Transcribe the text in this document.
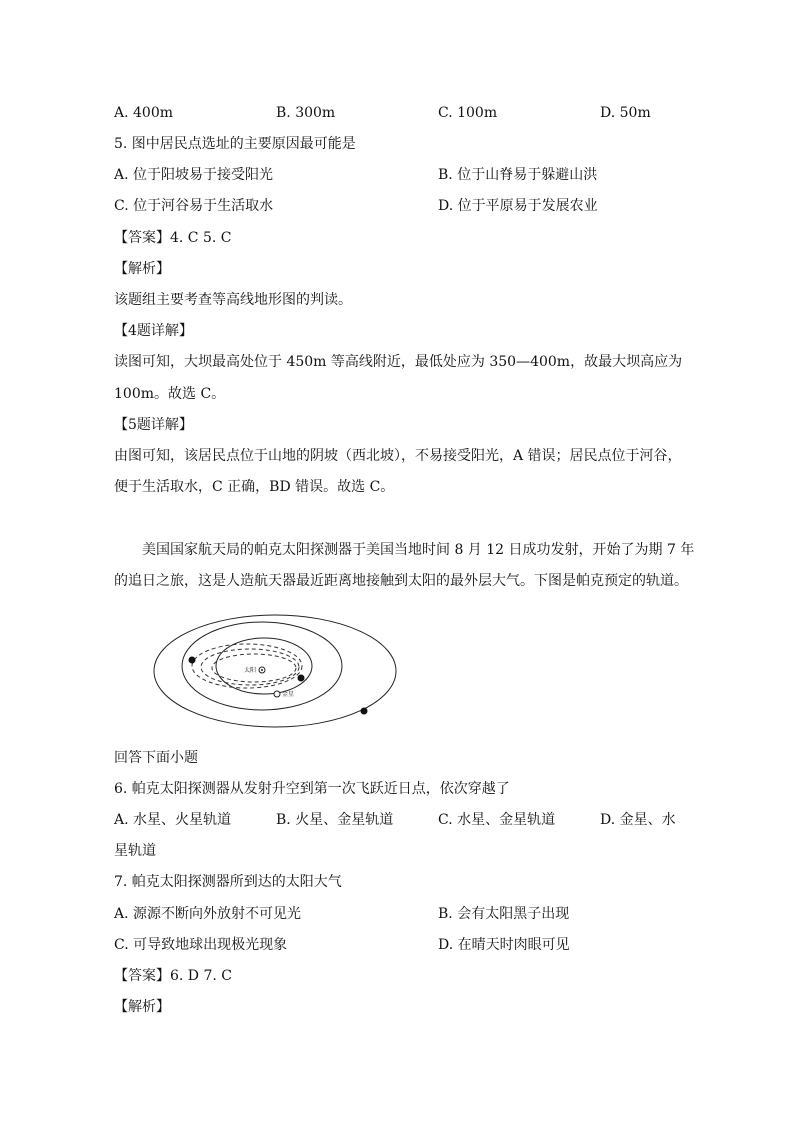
A. 400m	B. 300m	C. 100m	D. 50m
5. 图中居民点选址的主要原因最可能是
A. 位于阳坡易于接受阳光	B. 位于山脊易于躲避山洪
C. 位于河谷易于生活取水	D. 位于平原易于发展农业
【答案】4. C 5. C
【解析】
该题组主要考查等高线地形图的判读。
【4题详解】
读图可知，大坝最高处位于 450m 等高线附近，最低处应为 350—400m，故最大坝高应为
100m。故选 C。
【5题详解】
由图可知，该居民点位于山地的阴坡（西北坡），不易接受阳光，A 错误；居民点位于河谷，
便于生活取水，C 正确，BD 错误。故选 C。
美国国家航天局的帕克太阳探测器于美国当地时间 8 月 12 日成功发射，开始了为期 7 年
的追日之旅，这是人造航天器最近距离地接触到太阳的最外层大气。下图是帕克预定的轨道。
太阳
金星
回答下面小题
6. 帕克太阳探测器从发射升空到第一次飞跃近日点，依次穿越了
A. 水星、火星轨道	B. 火星、金星轨道	C. 水星、金星轨道	D. 金星、水
星轨道
7. 帕克太阳探测器所到达的太阳大气
A. 源源不断向外放射不可见光	B. 会有太阳黑子出现
C. 可导致地球出现极光现象	D. 在晴天时肉眼可见
【答案】6. D 7. C
【解析】
